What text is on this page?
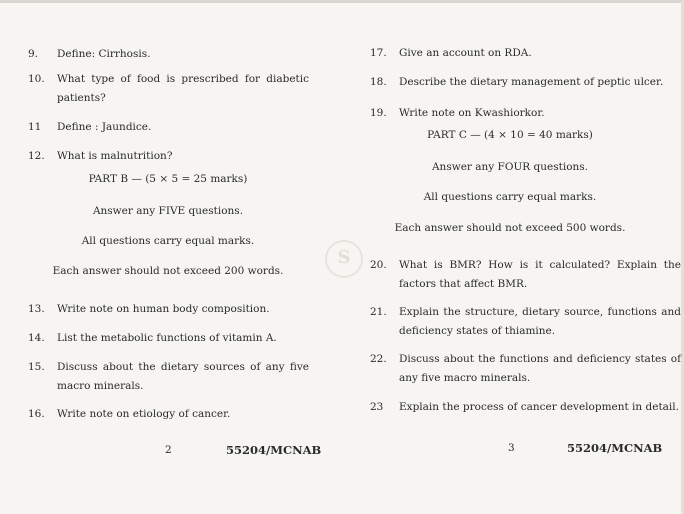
S
9. Define: Cirrhosis.
10. What type of food is prescribed for diabetic patients?
11 Define : Jaundice.
12. What is malnutrition?
PART B — (5 × 5 = 25 marks)
Answer any FIVE questions.
All questions carry equal marks.
Each answer should not exceed 200 words.
13. Write note on human body composition.
14. List the metabolic functions of vitamin A.
15. Discuss about the dietary sources of any five macro minerals.
16. Write note on etiology of cancer.
2	55204/MCNAB
17. Give an account on RDA.
18. Describe the dietary management of peptic ulcer.
19. Write note on Kwashiorkor.
PART C — (4 × 10 = 40 marks)
Answer any FOUR questions.
All questions carry equal marks.
Each answer should not exceed 500 words.
20. What is BMR? How is it calculated? Explain the factors that affect BMR.
21. Explain the structure, dietary source, functions and deficiency states of thiamine.
22. Discuss about the functions and deficiency states of any five macro minerals.
23 Explain the process of cancer development in detail.
3	55204/MCNAB
